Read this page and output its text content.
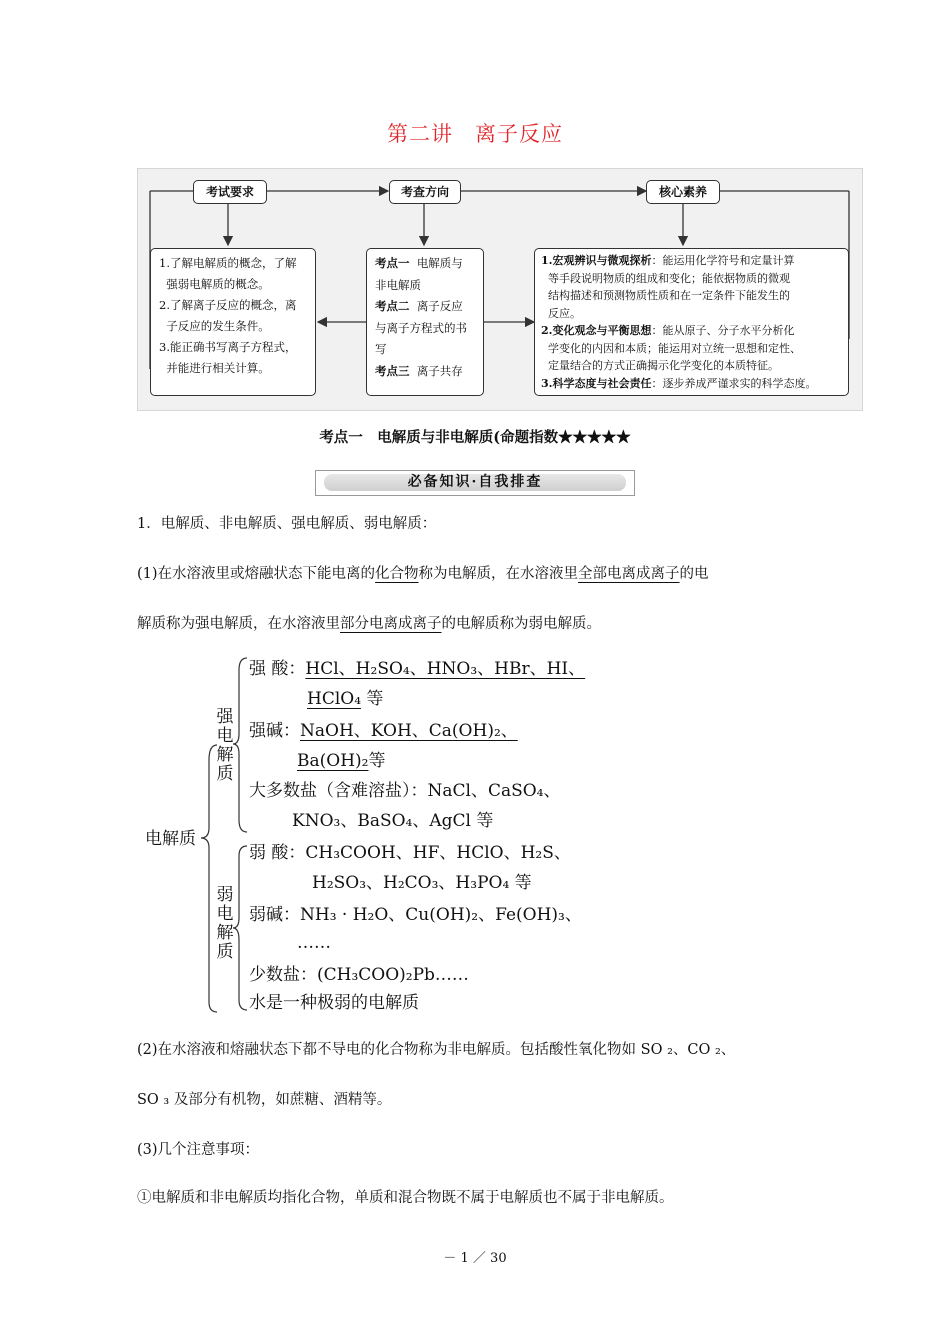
第二讲　离子反应
考试要求	考查方向	核心素养
1.了解电解质的概念，了解
强弱电解质的概念。
2.了解离子反应的概念，离
子反应的发生条件。
3.能正确书写离子方程式，
并能进行相关计算。
考点一 电解质与
非电解质
考点二 离子反应
与离子方程式的书
写
考点三 离子共存
1.宏观辨识与微观探析：能运用化学符号和定量计算
等手段说明物质的组成和变化；能依据物质的微观
结构描述和预测物质性质和在一定条件下能发生的
反应。
2.变化观念与平衡思想：能从原子、分子水平分析化
学变化的内因和本质；能运用对立统一思想和定性、
定量结合的方式正确揭示化学变化的本质特征。
3.科学态度与社会责任：逐步养成严谨求实的科学态度。
考点一　电解质与非电解质(命题指数★★★★★
必备知识·自我排查
1．电解质、非电解质、强电解质、弱电解质：
(1)在水溶液里或熔融状态下能电离的化合物称为电解质，在水溶液里全部电离成离子的电
解质称为强电解质，在水溶液里部分电离成离子的电解质称为弱电解质。
电解质
强电解质
弱电解质
强 酸：HCl、H₂SO₄、HNO₃、HBr、HI、
HClO₄ 等
强碱：NaOH、KOH、Ca(OH)₂、
Ba(OH)₂等
大多数盐（含难溶盐）：NaCl、CaSO₄、
KNO₃、BaSO₄、AgCl 等
弱 酸：CH₃COOH、HF、HClO、H₂S、
H₂SO₃、H₂CO₃、H₃PO₄ 等
弱碱：NH₃ · H₂O、Cu(OH)₂、Fe(OH)₃、
……
少数盐：(CH₃COO)₂Pb……
水是一种极弱的电解质
(2)在水溶液和熔融状态下都不导电的化合物称为非电解质。包括酸性氧化物如 SO ₂、CO ₂、
SO ₃ 及部分有机物，如蔗糖、酒精等。
(3)几个注意事项：
①电解质和非电解质均指化合物，单质和混合物既不属于电解质也不属于非电解质。
－ 1 ／ 30
